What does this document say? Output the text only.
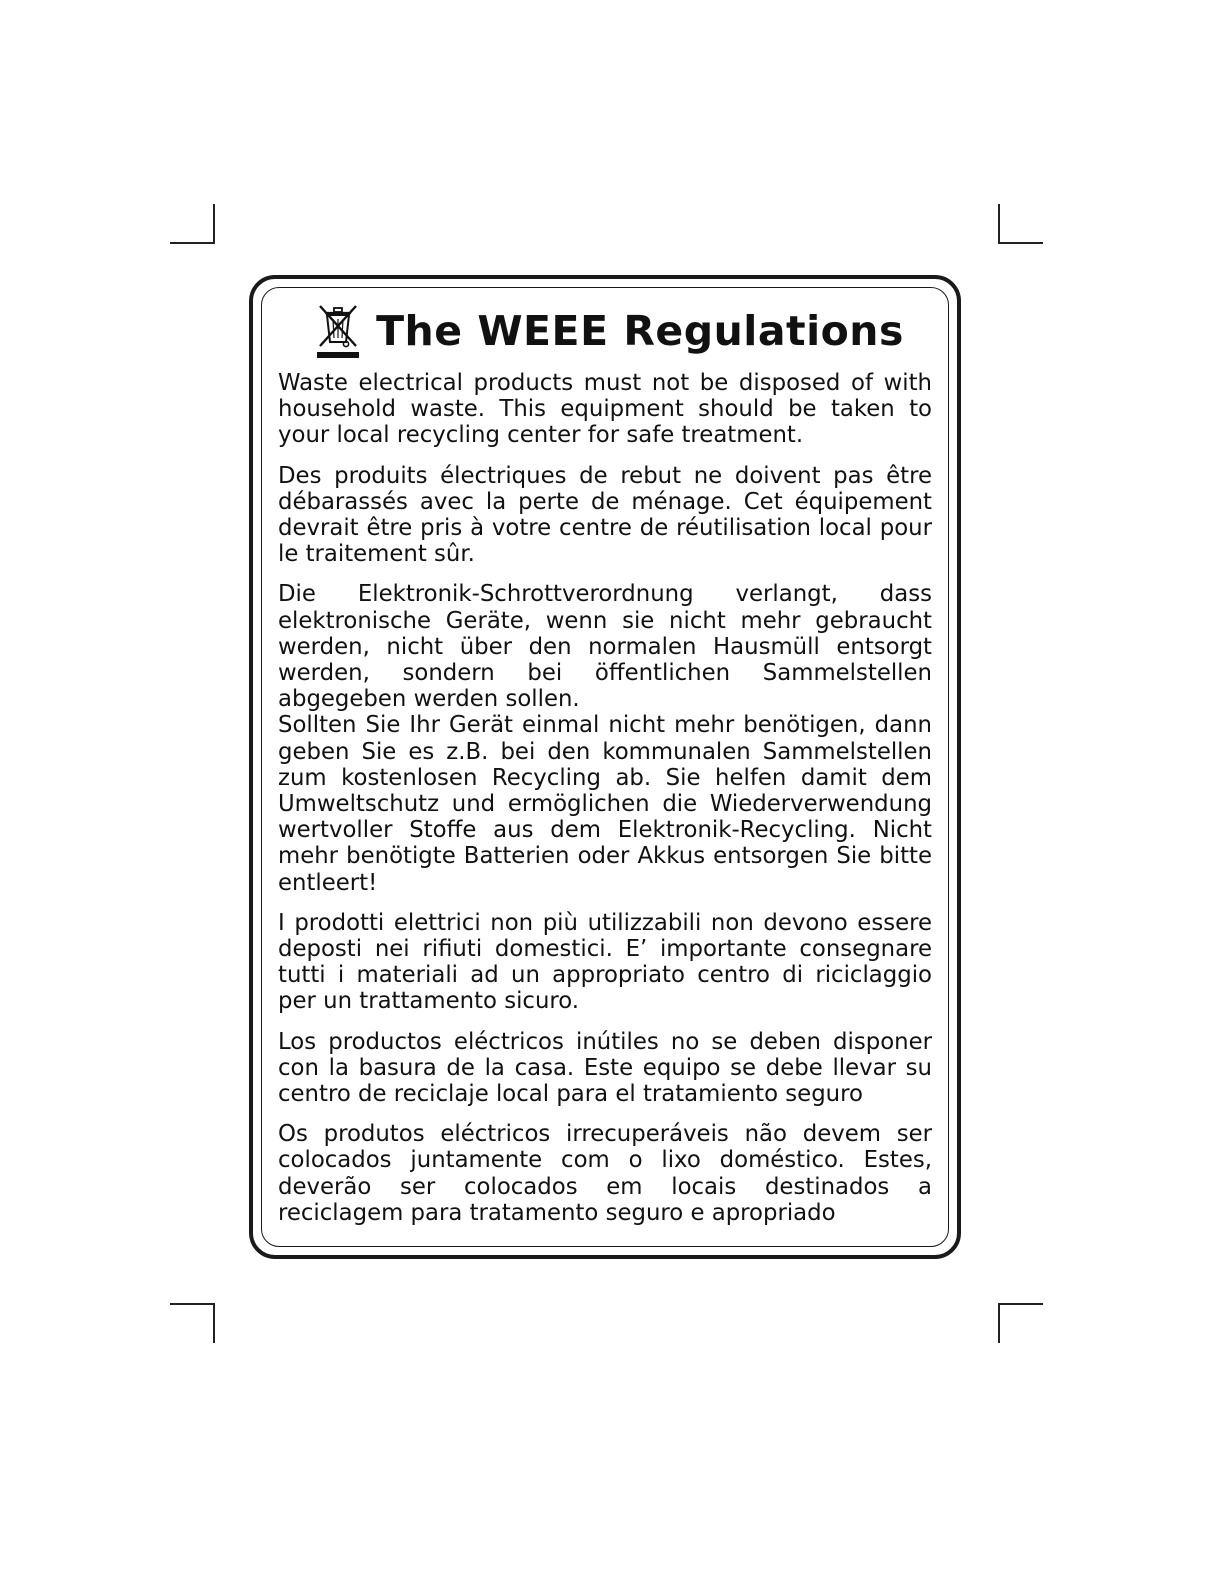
The WEEE Regulations

Waste electrical products must not be disposed of with household waste. This equipment should be taken to your local recycling center for safe treatment.

Des produits électriques de rebut ne doivent pas être débarassés avec la perte de ménage. Cet équipement devrait être pris à votre centre de réutilisation local pour le traitement sûr.

Die Elektronik-Schrottverordnung verlangt, dass elektronische Geräte, wenn sie nicht mehr gebraucht werden, nicht über den normalen Hausmüll entsorgt werden, sondern bei öffentlichen Sammelstellen abgegeben werden sollen.

Sollten Sie Ihr Gerät einmal nicht mehr benötigen, dann geben Sie es z.B. bei den kommunalen Sammelstellen zum kostenlosen Recycling ab. Sie helfen damit dem Umweltschutz und ermöglichen die Wiederverwendung wertvoller Stoffe aus dem Elektronik-Recycling. Nicht mehr benötigte Batterien oder Akkus entsorgen Sie bitte entleert!

I prodotti elettrici non più utilizzabili non devono essere deposti nei rifiuti domestici. E’ importante consegnare tutti i materiali ad un appropriato centro di riciclaggio per un trattamento sicuro.

Los productos eléctricos inútiles no se deben disponer con la basura de la casa. Este equipo se debe llevar su centro de reciclaje local para el tratamiento seguro

Os produtos eléctricos irrecuperáveis não devem ser colocados juntamente com o lixo doméstico. Estes, deverão ser colocados em locais destinados a reciclagem para tratamento seguro e apropriado
